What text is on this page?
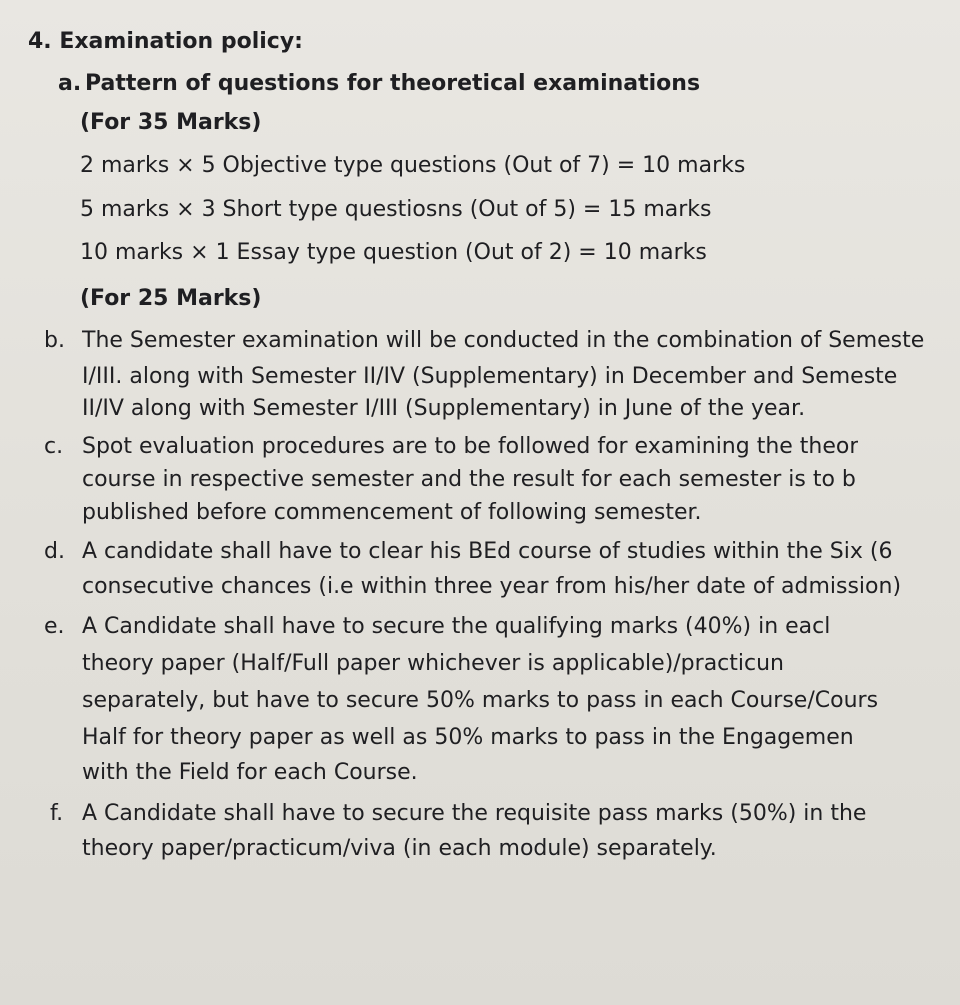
4. Examination policy:
a. Pattern of questions for theoretical examinations
(For 35 Marks)
2 marks × 5 Objective type questions (Out of 7) = 10 marks
5 marks × 3 Short type questiosns (Out of 5) = 15 marks
10 marks × 1 Essay type question (Out of 2) = 10 marks
(For 25 Marks)
b. The Semester examination will be conducted in the combination of Semeste
I/III. along with Semester II/IV (Supplementary) in December and Semeste
II/IV along with Semester I/III (Supplementary) in June of the year.
c. Spot evaluation procedures are to be followed for examining the theor
course in respective semester and the result for each semester is to b
published before commencement of following semester.
d. A candidate shall have to clear his BEd course of studies within the Six (6
consecutive chances (i.e within three year from his/her date of admission)
e. A Candidate shall have to secure the qualifying marks (40%) in eacl
theory paper (Half/Full paper whichever is applicable)/practicun
separately, but have to secure 50% marks to pass in each Course/Cours
Half for theory paper as well as 50% marks to pass in the Engagemen
with the Field for each Course.
f. A Candidate shall have to secure the requisite pass marks (50%) in the
theory paper/practicum/viva (in each module) separately.
